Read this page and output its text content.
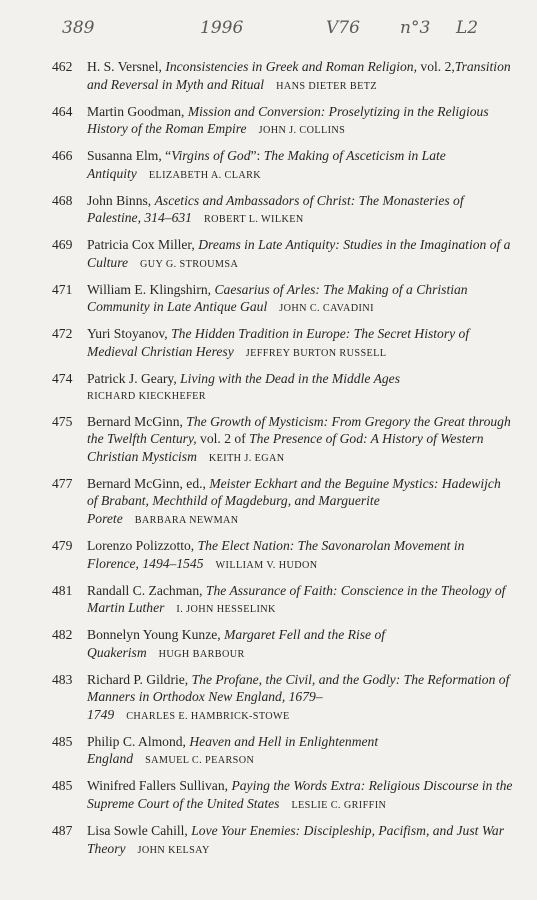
389	1996	V76 n°3 L2
462	H. S. Versnel, Inconsistencies in Greek and Roman Religion, vol. 2,Transition and Reversal in Myth and Ritual HANS DIETER BETZ
464	Martin Goodman, Mission and Conversion: Proselytizing in the Religious History of the Roman Empire JOHN J. COLLINS
466	Susanna Elm, “Virgins of God”: The Making of Asceticism in Late Antiquity ELIZABETH A. CLARK
468	John Binns, Ascetics and Ambassadors of Christ: The Monasteries of Palestine, 314–631 ROBERT L. WILKEN
469	Patricia Cox Miller, Dreams in Late Antiquity: Studies in the Imagination of a Culture GUY G. STROUMSA
471	William E. Klingshirn, Caesarius of Arles: The Making of a Christian Community in Late Antique Gaul JOHN C. CAVADINI
472	Yuri Stoyanov, The Hidden Tradition in Europe: The Secret History of Medieval Christian Heresy JEFFREY BURTON RUSSELL
474	Patrick J. Geary, Living with the Dead in the Middle Ages
RICHARD KIECKHEFER
475	Bernard McGinn, The Growth of Mysticism: From Gregory the Great through the Twelfth Century, vol. 2 of The Presence of God: A History of Western Christian Mysticism KEITH J. EGAN
477	Bernard McGinn, ed., Meister Eckhart and the Beguine Mystics: Hadewijch of Brabant, Mechthild of Magdeburg, and Marguerite Porete BARBARA NEWMAN
479	Lorenzo Polizzotto, The Elect Nation: The Savonarolan Movement in Florence, 1494–1545 WILLIAM V. HUDON
481	Randall C. Zachman, The Assurance of Faith: Conscience in the Theology of Martin Luther I. JOHN HESSELINK
482	Bonnelyn Young Kunze, Margaret Fell and the Rise of Quakerism HUGH BARBOUR
483	Richard P. Gildrie, The Profane, the Civil, and the Godly: The Reformation of Manners in Orthodox New England, 1679–1749 CHARLES E. HAMBRICK-STOWE
485	Philip C. Almond, Heaven and Hell in Enlightenment England SAMUEL C. PEARSON
485	Winifred Fallers Sullivan, Paying the Words Extra: Religious Discourse in the Supreme Court of the United States LESLIE C. GRIFFIN
487	Lisa Sowle Cahill, Love Your Enemies: Discipleship, Pacifism, and Just War Theory JOHN KELSAY
